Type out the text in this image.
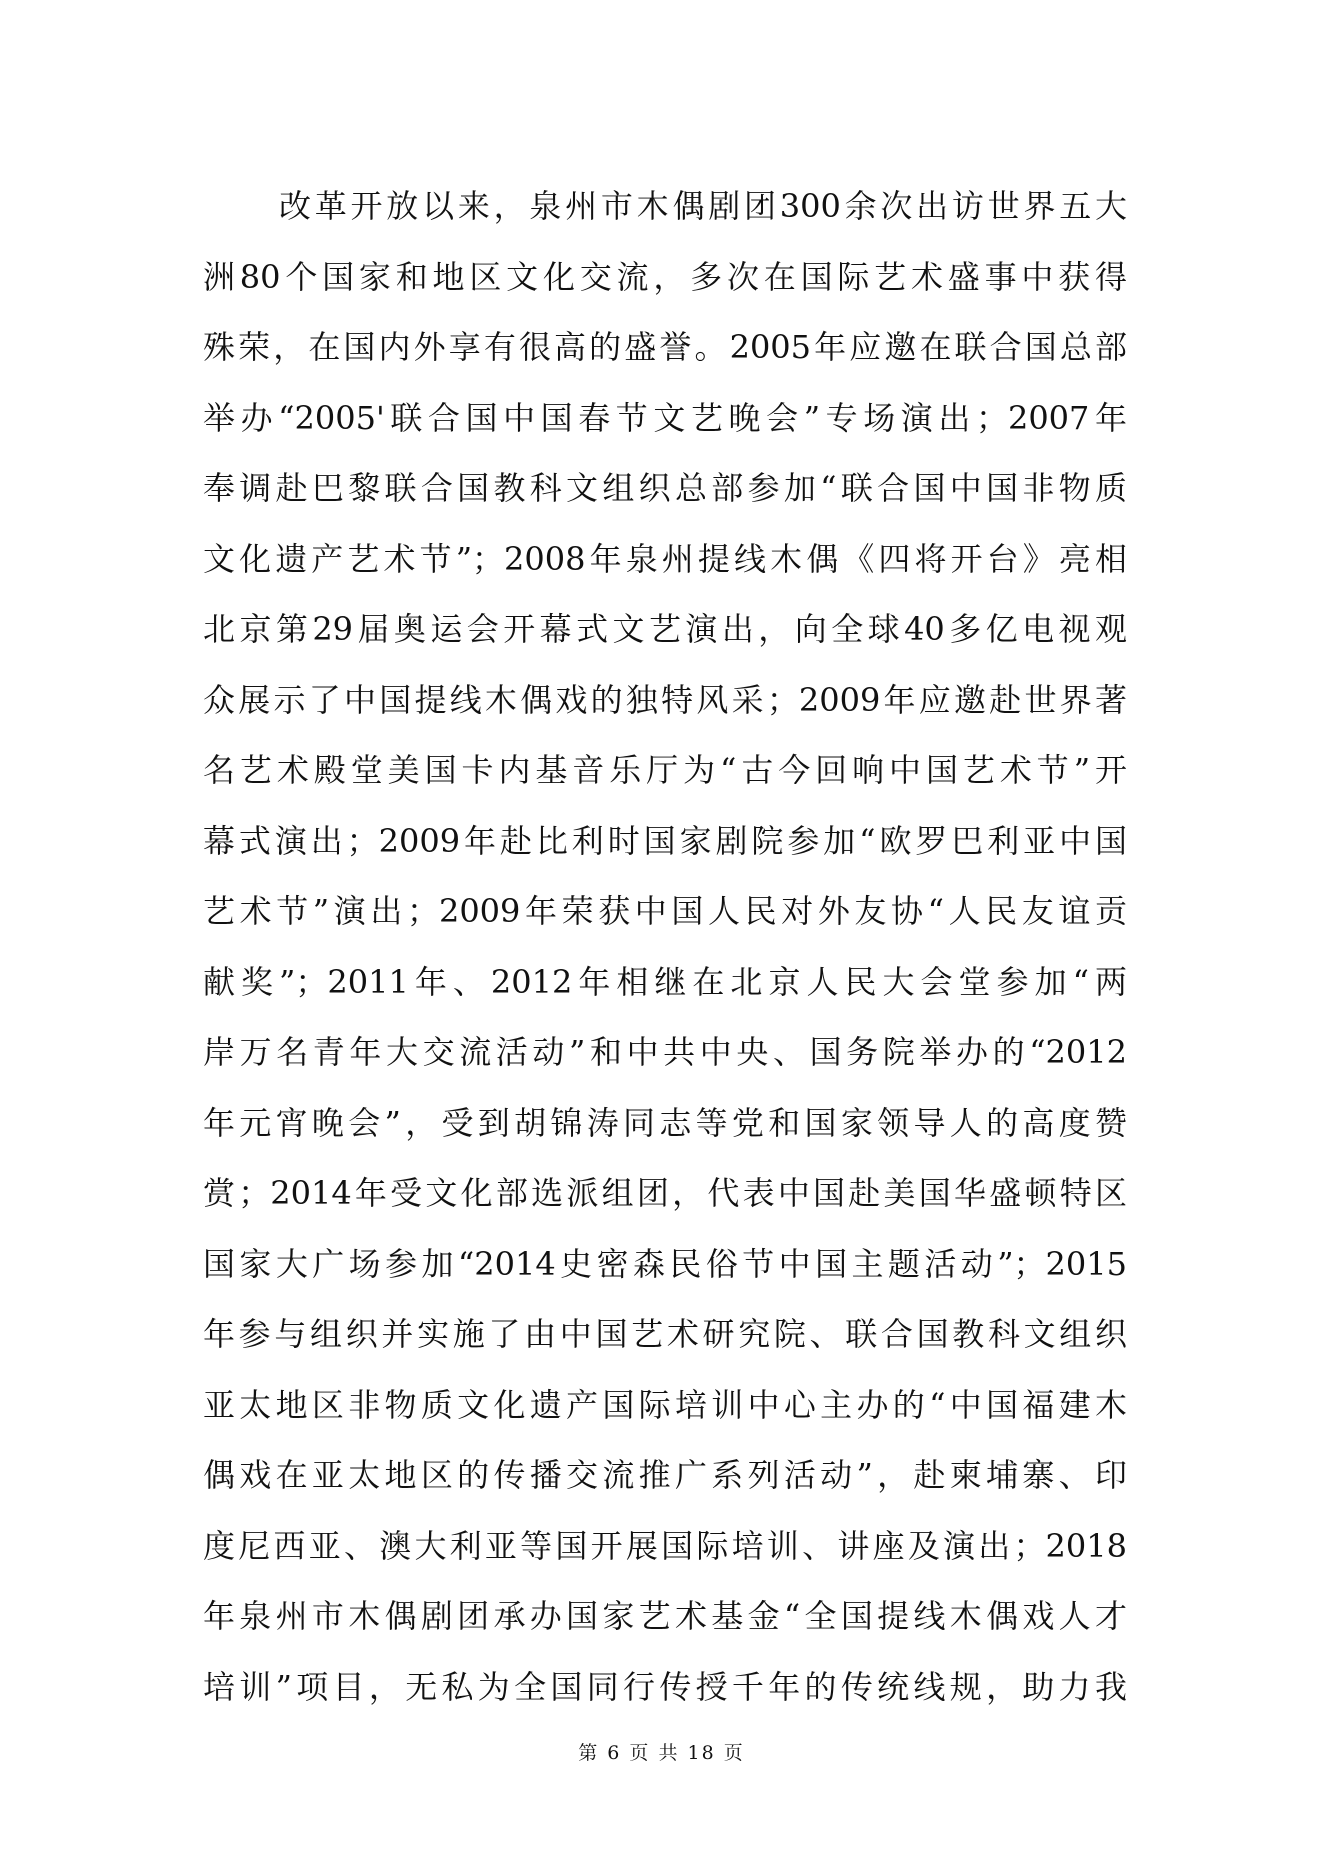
改革开放以来，泉州市木偶剧团300余次出访世界五大
洲80个国家和地区文化交流，多次在国际艺术盛事中获得
殊荣，在国内外享有很高的盛誉。2005年应邀在联合国总部
举办“2005'联合国中国春节文艺晚会”专场演出；2007年
奉调赴巴黎联合国教科文组织总部参加“联合国中国非物质
文化遗产艺术节”；2008年泉州提线木偶《四将开台》亮相
北京第29届奥运会开幕式文艺演出，向全球40多亿电视观
众展示了中国提线木偶戏的独特风采；2009年应邀赴世界著
名艺术殿堂美国卡内基音乐厅为“古今回响中国艺术节”开
幕式演出；2009年赴比利时国家剧院参加“欧罗巴利亚中国
艺术节”演出；2009年荣获中国人民对外友协“人民友谊贡
献奖”；2011年、2012年相继在北京人民大会堂参加“两
岸万名青年大交流活动”和中共中央、国务院举办的“2012
年元宵晚会”，受到胡锦涛同志等党和国家领导人的高度赞
赏；2014年受文化部选派组团，代表中国赴美国华盛顿特区
国家大广场参加“2014史密森民俗节中国主题活动”；2015
年参与组织并实施了由中国艺术研究院、联合国教科文组织
亚太地区非物质文化遗产国际培训中心主办的“中国福建木
偶戏在亚太地区的传播交流推广系列活动”，赴柬埔寨、印
度尼西亚、澳大利亚等国开展国际培训、讲座及演出；2018
年泉州市木偶剧团承办国家艺术基金“全国提线木偶戏人才
培训”项目，无私为全国同行传授千年的传统线规，助力我
第 6 页 共 18 页
